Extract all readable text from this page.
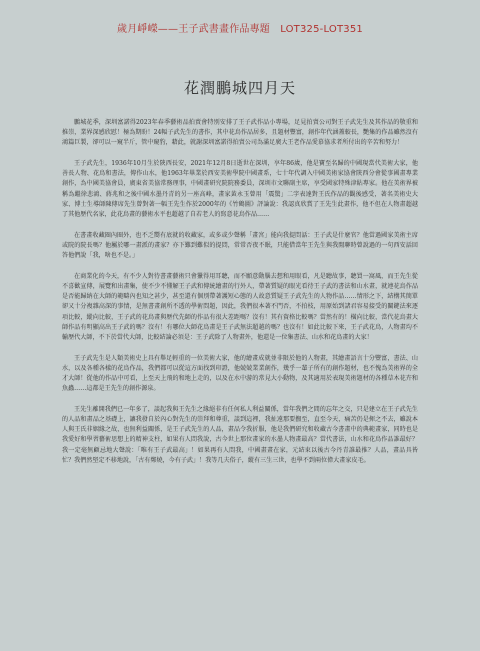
歲月崢嶸——王子武書畫作品專題　LOT325-LOT351
花潤鵬城四月天

鵬城花季，深圳富諾得2023年春季藝術品拍賣會特別安排了王子武作品小專場，足見拍賣公司對王子武先生及其作品的敬重和推崇，業界深感欣慰！極為期盼！24幅子武先生的書作，其中花鳥作品居多，且題材豐富，創作年代涵蓋較長，艷集的作品雖然沒有鴻篇巨製，卻可以一窺半斤，管中窺豹，藉此，就謝深圳富諾得拍賣公司為滿足廣大王老作品愛慕協求者所付出的辛苦和努力！

王子武先生，1936年10月生於陝西長安，2021年12月8日逝世在深圳，享年86歲，他是寶至名歸的中國現當代美術大家，他善長人物、花鳥和書法，傳作山水，他1963年畢業於西安美術學院中國畫系，七十年代調入中國美術家協會陝西分會從事國畫專業創作，為中國美協會員，廣東省美協常務理事，中國畫研究院院務委員，深圳市文聯副主席，享受國家特殊津貼專家。他在美術界被稱為繼徐悲鴻、蔣兆和之後中國水墨丹青的另一座高峰，畫家黃永玉曾用「震驚」二字表達對王氏作品的觀後感受，著名美術史大家、博士生導師陳傳席先生曾對著一幅王先生作於2000年的《竹鶴圖》評論說：我認真欣賞了王先生此畫作，他不但在人物畫超越了其他歷代名家，此花鳥畫的藝術水平也超越了自若老人的寫意花鳥作品……

在書畫收藏圈內圈外，也不乏嚮有底就的收藏家，或多或少聲稱「畫宮」能向我提問話：王子武是什麼官？他當過國家美術主席或院的院長嗎？他屬於哪一畫派的畫家？亦下難到難似的提問，常常否夜不眠，只能借當年王先生與我閒聊時曾說過的一句西安話回答他們說「我，啥也不是。」

在商業化的今天，有不少人對待書畫藝術只會獵得用耳聽，而不願意動腦去想和用眼看，凡是聽故事，聽買一窩風，而王先生從不喜歡宣傳，展覽和出畫集，使不少不懂解王子武和傳統繪畫的行外人，帶著質疑的眼光看待王子武的書法和山水畫，就連花鳥作品是否能歸納在大師的範疇內也知之甚少，甚至還有個別帶著護短心態的人故意質疑王子武先生的人物作品……情形之下，結構其簡單卻又十分複雜高深的事情，是無書畫創所不透的學術問題，因此，我們很本著不門否，不拍枝，用原始到諸君容易接受的關鍵法來逐項比較，縱向比較，王子武的花鳥畫與歷代先師的作品有很大差距嗎？沒有！其有資格比較嗎？當然有的！橫向比較，當代花鳥畫大師作品有明顯高出王子武的嗎？沒有！有哪位大師花鳥畫是王子武無法超越的嗎？也沒有！如此比較下來，王子武花鳥，人物畫均不輸歷代大師，不下於當代大師，比較結論必須是：王子武除了人物畫外，他還是一位集書法、山水和花鳥畫的大家！

王子武先生是人類美術史上具有舉足輕重的一位美術大家，他的繪畫成就並非限於他的人物畫，其繪畫語言十分豐富，書法、山水，以及各種各樣的花鳥作品，我們都可以從這方面找到印證，他兢兢業業創作，幾乎一輩子所有的創作題材，也不愧為美術界的全才大師！從他的作品中可看，上至天上飛的和地上走的，以及在水中游的常見大小動物，及其適用於表現美術題材的各種草木花卉和魚蟲……這都是王先生的創作源泉。

王先生離開我們已一年多了，談起我與王先生之緣絕非有任何私人利益關係，當年我們之間的忘年之交，只是建立在王子武先生的人品和畫品之基礎上，讓我發自於內心對先生的崇拜和尊重，談到這裡，我扯遠那要撫至，直至今天，痛苦仍是揮之不去，雖說本人與王氏非姻緣之故，也無利益關係，是王子武先生的人品，畫品令我折服，他是我們研究和收藏古今書畫中的典範畫家，同時也是我愛好和學習藝術思想上的精神支柱，如果有人問我說，古今世上那位畫家的水墨人物畫最高？當代書法，山水和花鳥作品誰最好？我一定毫無顧忌地大聲說：「唯有王子武最高」！如果再有人問我，中國畫畫在家，元結束以後古今丹青誰最推？人品，畫品具皆忙？我們然堅定不移地說，「古有鄭燒，今有子武」！我等几夫俗子，縱有三生三世，也學不到兩位偉大畫家皮毛。
